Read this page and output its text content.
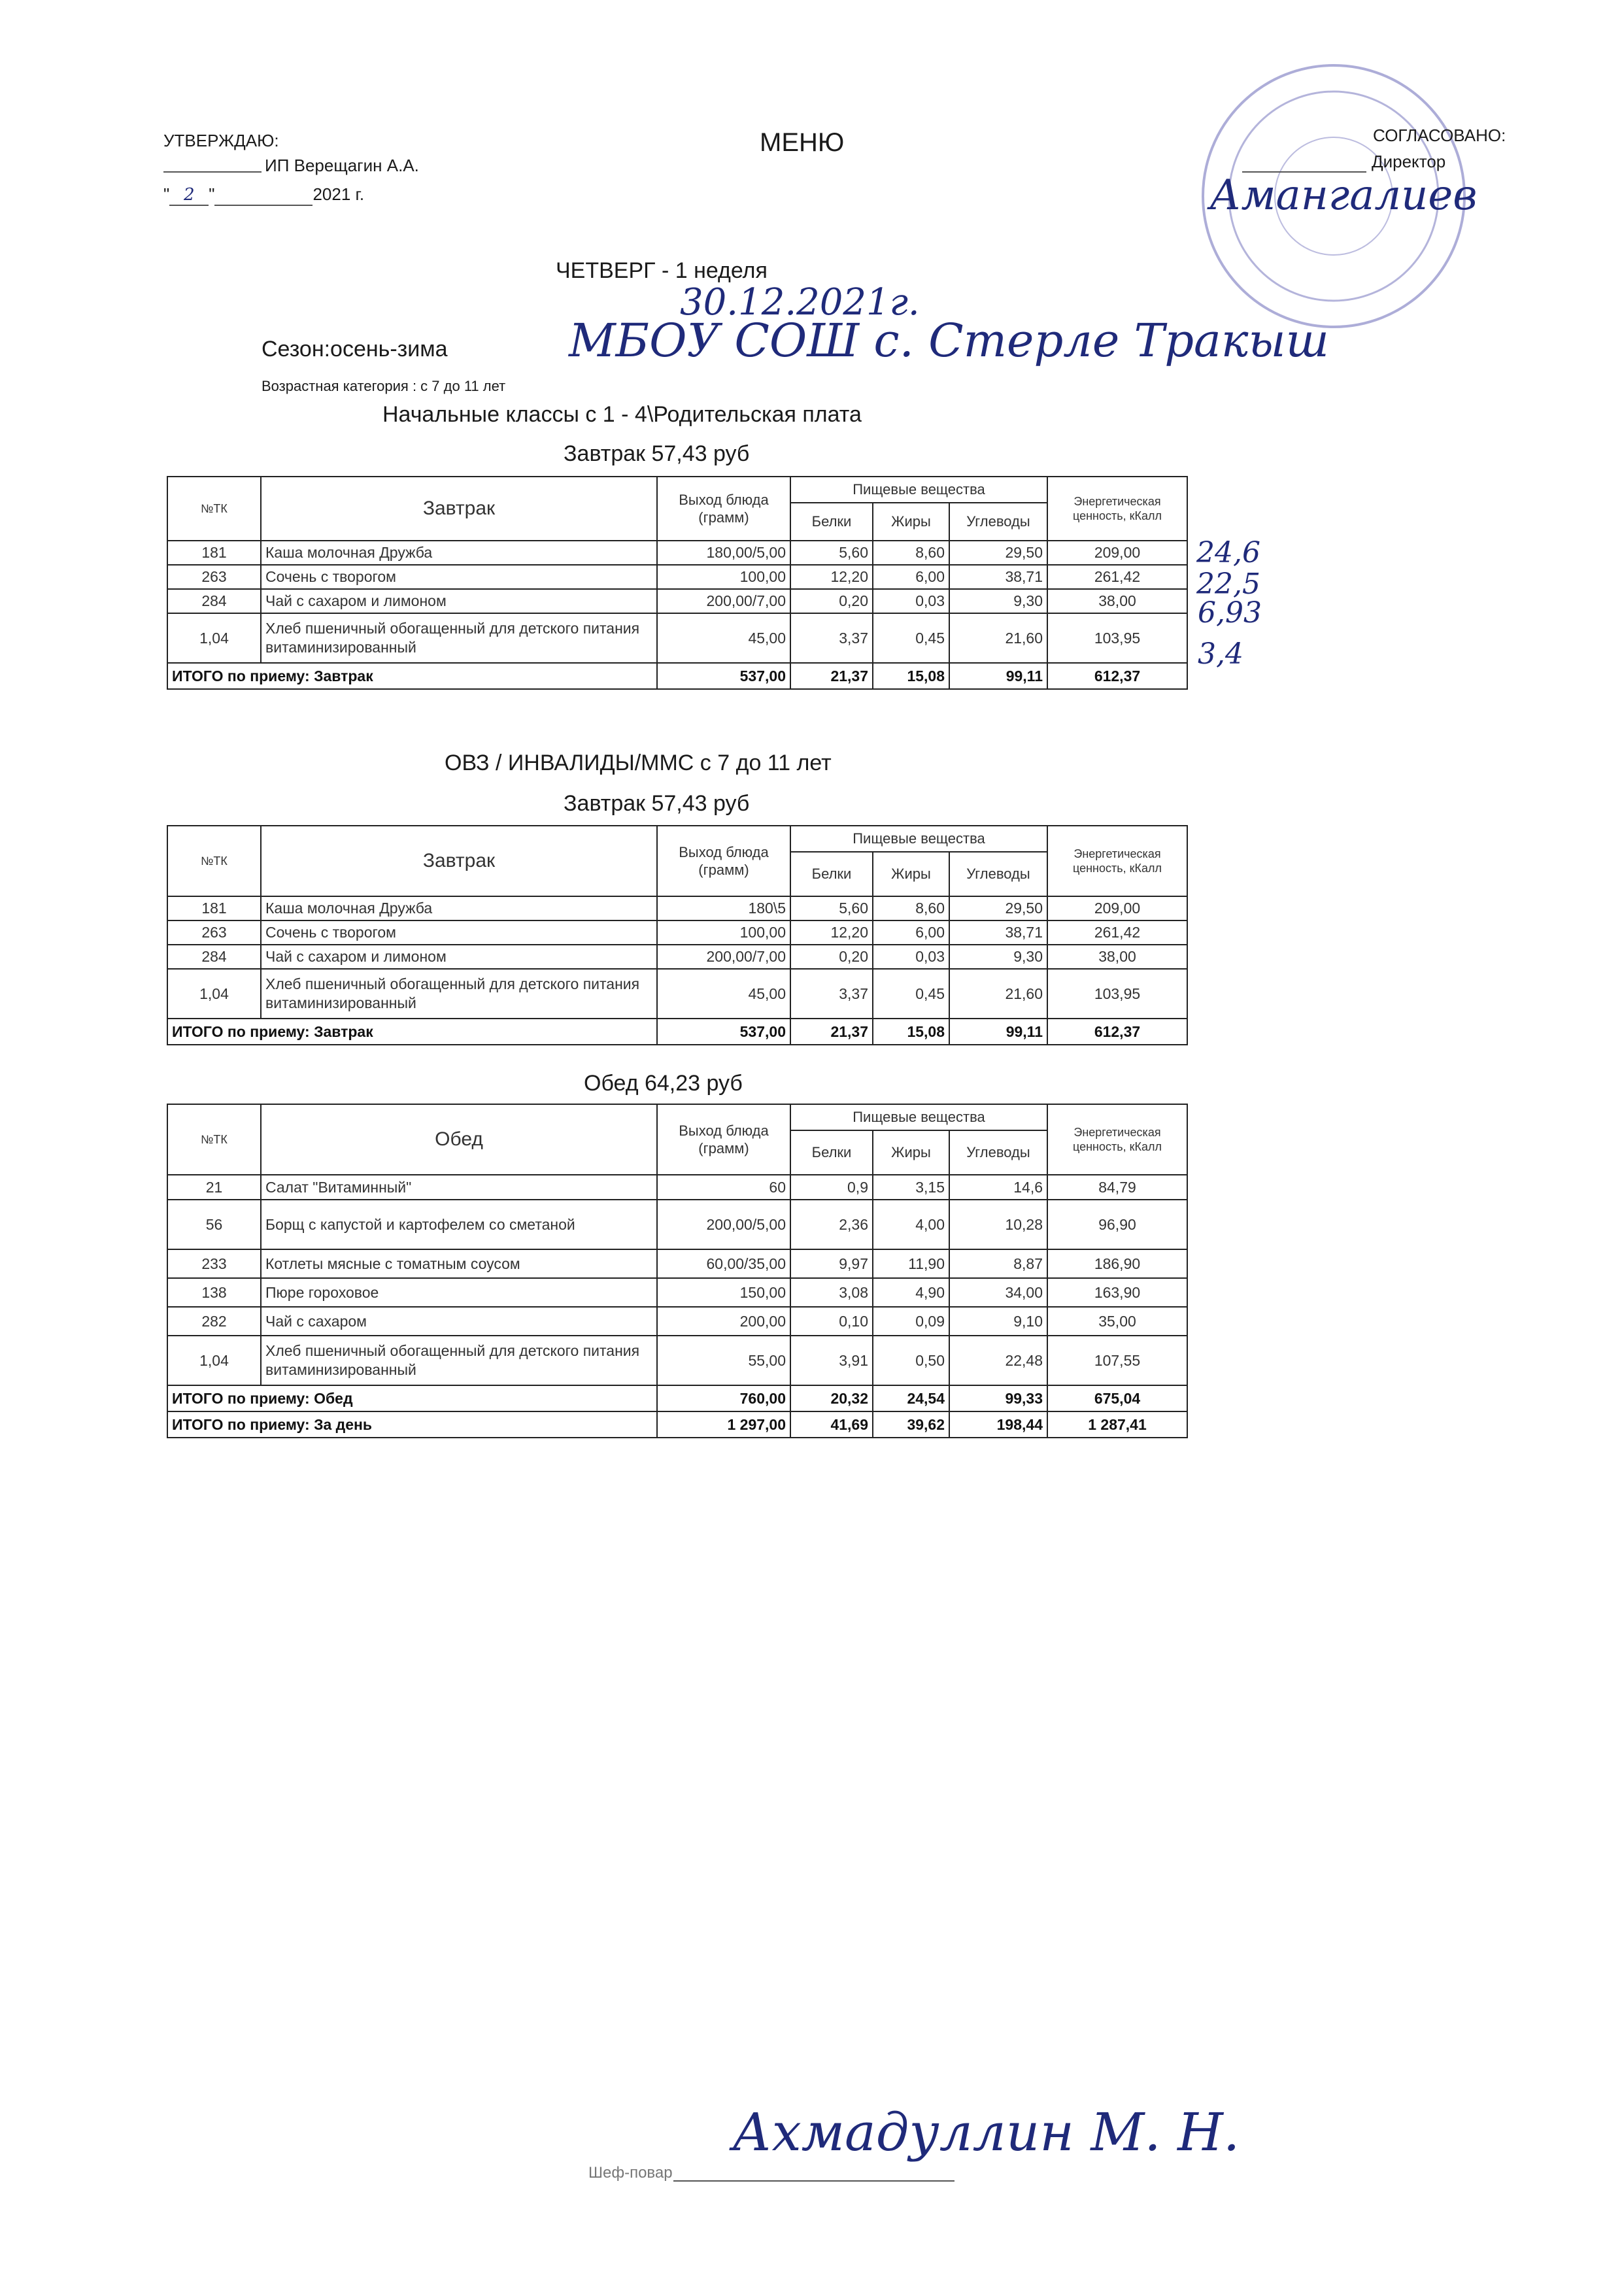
УТВЕРЖДАЮ:
ИП Верещагин А.А.
" 2 "	2021 г.
МЕНЮ	СОГЛАСОВАНО:
Директор
Амангалиев
ЧЕТВЕРГ - 1 неделя
30.12.2021г.
Сезон:осень-зима	МБОУ СОШ с. Стерле Тракыш
Возрастная категория : с 7 до 11 лет
Начальные классы с 1 - 4\Родительская плата
Завтрак 57,43 руб
№ТК	Завтрак	Выход блюда (грамм)	Пищевые вещества			Энергетическая ценность, кКалл
			Белки	Жиры	Углеводы	
181	Каша молочная Дружба	180,00/5,00	5,60	8,60	29,50	209,00
263	Сочень с творогом	100,00	12,20	6,00	38,71	261,42
284	Чай с сахаром и лимоном	200,00/7,00	0,20	0,03	9,30	38,00
1,04	Хлеб пшеничный обогащенный для детского питания витаминизированный	45,00	3,37	0,45	21,60	103,95
ИТОГО по приему: Завтрак		537,00	21,37	15,08	99,11	612,37
24,6
22,5
6,93
3,4
ОВЗ / ИНВАЛИДЫ/ММС с 7 до 11 лет
Завтрак 57,43 руб
№ТК	Завтрак	Выход блюда (грамм)	Пищевые вещества			Энергетическая ценность, кКалл
			Белки	Жиры	Углеводы	
181	Каша молочная Дружба	180\5	5,60	8,60	29,50	209,00
263	Сочень с творогом	100,00	12,20	6,00	38,71	261,42
284	Чай с сахаром и лимоном	200,00/7,00	0,20	0,03	9,30	38,00
1,04	Хлеб пшеничный обогащенный для детского питания витаминизированный	45,00	3,37	0,45	21,60	103,95
ИТОГО по приему: Завтрак		537,00	21,37	15,08	99,11	612,37
Обед 64,23 руб
№ТК	Обед	Выход блюда (грамм)	Пищевые вещества			Энергетическая ценность, кКалл
			Белки	Жиры	Углеводы	
21	Салат "Витаминный"	60	0,9	3,15	14,6	84,79
56	Борщ с капустой и картофелем со сметаной	200,00/5,00	2,36	4,00	10,28	96,90
233	Котлеты мясные с томатным соусом	60,00/35,00	9,97	11,90	8,87	186,90
138	Пюре гороховое	150,00	3,08	4,90	34,00	163,90
282	Чай с сахаром	200,00	0,10	0,09	9,10	35,00
1,04	Хлеб пшеничный обогащенный для детского питания витаминизированный	55,00	3,91	0,50	22,48	107,55
ИТОГО по приему: Обед		760,00	20,32	24,54	99,33	675,04
ИТОГО по приему: За день		1 297,00	41,69	39,62	198,44	1 287,41
Шеф-повар
Ахмадуллин М. Н.
